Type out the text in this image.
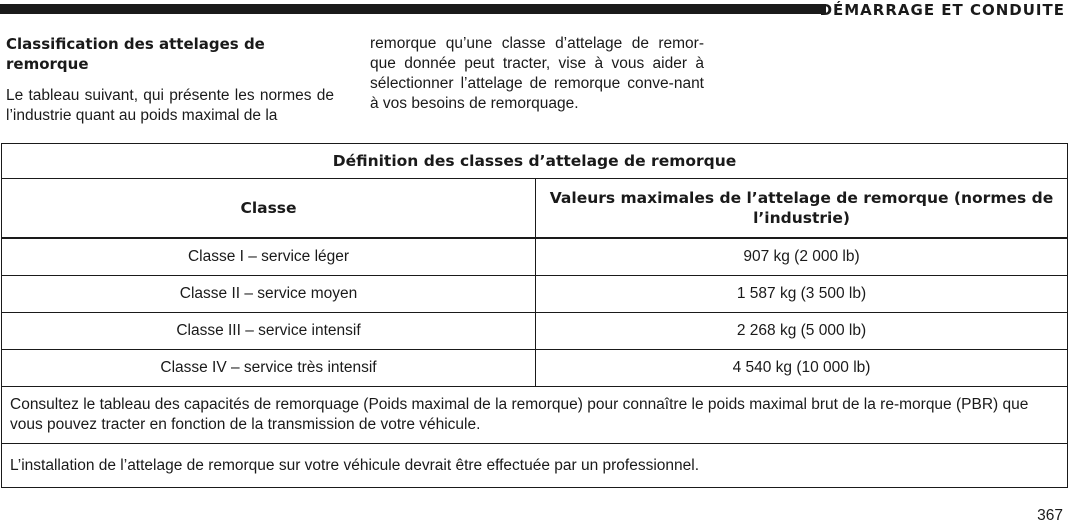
DÉMARRAGE ET CONDUITE

Classification des attelages de remorque

Le tableau suivant, qui présente les normes de l’industrie quant au poids maximal de la

remorque qu’une classe d’attelage de remor-que donnée peut tracter, vise à vous aider à sélectionner l’attelage de remorque conve-nant à vos besoins de remorquage.

Définition des classes d’attelage de remorque	
Classe	Valeurs maximales de l’attelage de remorque (normes de l’industrie)
Classe I – service léger	907 kg (2 000 lb)
Classe II – service moyen	1 587 kg (3 500 lb)
Classe III – service intensif	2 268 kg (5 000 lb)
Classe IV – service très intensif	4 540 kg (10 000 lb)
Consultez le tableau des capacités de remorquage (Poids maximal de la remorque) pour connaître le poids maximal brut de la re-morque (PBR) que vous pouvez tracter en fonction de la transmission de votre véhicule.	
L’installation de l’attelage de remorque sur votre véhicule devrait être effectuée par un professionnel.	
367
